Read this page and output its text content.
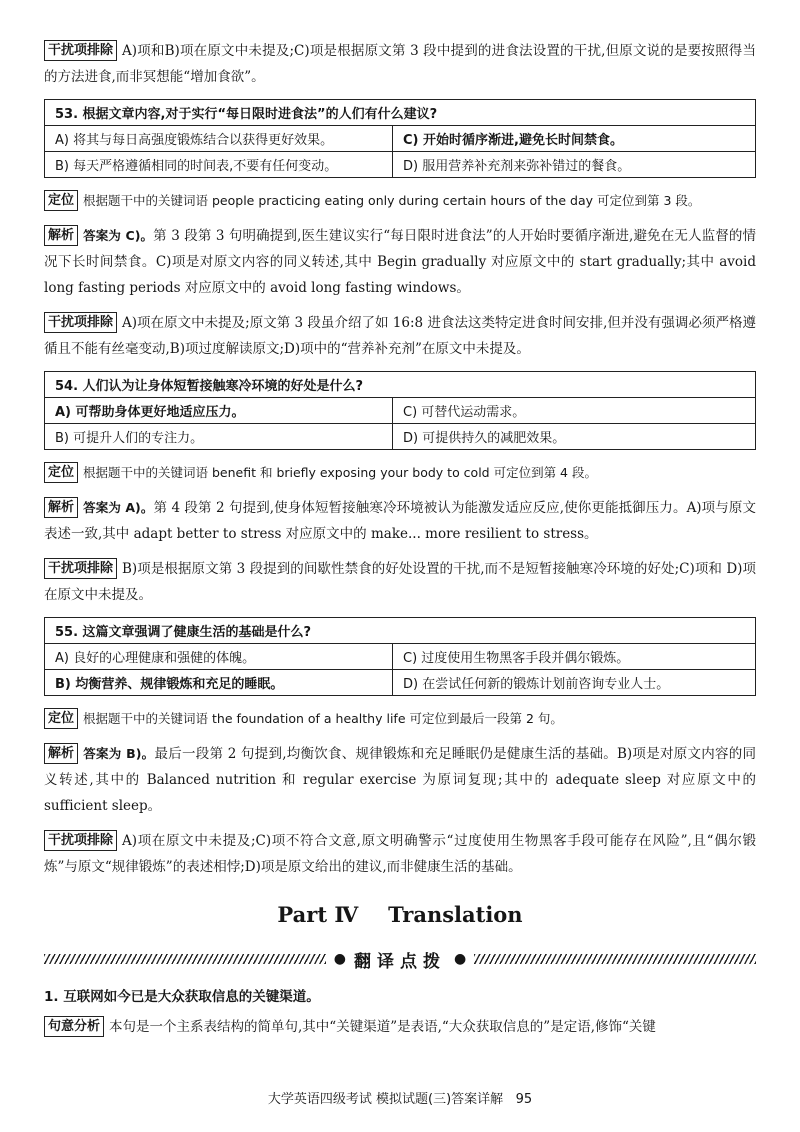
干扰项排除 A)项和B)项在原文中未提及;C)项是根据原文第 3 段中提到的进食法设置的干扰,但原文说的是要按照得当的方法进食,而非冥想能“增加食欲”。

53. 根据文章内容,对于实行“每日限时进食法”的人们有什么建议?	
A) 将其与每日高强度锻炼结合以获得更好效果。	C) 开始时循序渐进,避免长时间禁食。
B) 每天严格遵循相同的时间表,不要有任何变动。	D) 服用营养补充剂来弥补错过的餐食。

定位 根据题干中的关键词语 people practicing eating only during certain hours of the day 可定位到第 3 段。

解析 答案为 C)。第 3 段第 3 句明确提到,医生建议实行“每日限时进食法”的人开始时要循序渐进,避免在无人监督的情况下长时间禁食。C)项是对原文内容的同义转述,其中 Begin gradually 对应原文中的 start gradually;其中 avoid long fasting periods 对应原文中的 avoid long fasting windows。

干扰项排除 A)项在原文中未提及;原文第 3 段虽介绍了如 16:8 进食法这类特定进食时间安排,但并没有强调必须严格遵循且不能有丝毫变动,B)项过度解读原文;D)项中的“营养补充剂”在原文中未提及。

54. 人们认为让身体短暂接触寒冷环境的好处是什么?	
A) 可帮助身体更好地适应压力。	C) 可替代运动需求。
B) 可提升人们的专注力。	D) 可提供持久的减肥效果。

定位 根据题干中的关键词语 benefit 和 briefly exposing your body to cold 可定位到第 4 段。

解析 答案为 A)。第 4 段第 2 句提到,使身体短暂接触寒冷环境被认为能激发适应反应,使你更能抵御压力。A)项与原文表述一致,其中 adapt better to stress 对应原文中的 make... more resilient to stress。

干扰项排除 B)项是根据原文第 3 段提到的间歇性禁食的好处设置的干扰,而不是短暂接触寒冷环境的好处;C)项和 D)项在原文中未提及。

55. 这篇文章强调了健康生活的基础是什么?	
A) 良好的心理健康和强健的体魄。	C) 过度使用生物黑客手段并偶尔锻炼。
B) 均衡营养、规律锻炼和充足的睡眠。	D) 在尝试任何新的锻炼计划前咨询专业人士。

定位 根据题干中的关键词语 the foundation of a healthy life 可定位到最后一段第 2 句。

解析 答案为 B)。最后一段第 2 句提到,均衡饮食、规律锻炼和充足睡眠仍是健康生活的基础。B)项是对原文内容的同义转述,其中的 Balanced nutrition 和 regular exercise 为原词复现;其中的 adequate sleep 对应原文中的 sufficient sleep。

干扰项排除 A)项在原文中未提及;C)项不符合文意,原文明确警示“过度使用生物黑客手段可能存在风险”,且“偶尔锻炼”与原文“规律锻炼”的表述相悖;D)项是原文给出的建议,而非健康生活的基础。

Part Ⅳ Translation
● 翻译点拨 ●

1. 互联网如今已是大众获取信息的关键渠道。

句意分析 本句是一个主系表结构的简单句,其中“关键渠道”是表语,“大众获取信息的”是定语,修饰“关键

大学英语四级考试 模拟试题(三)答案详解 95
